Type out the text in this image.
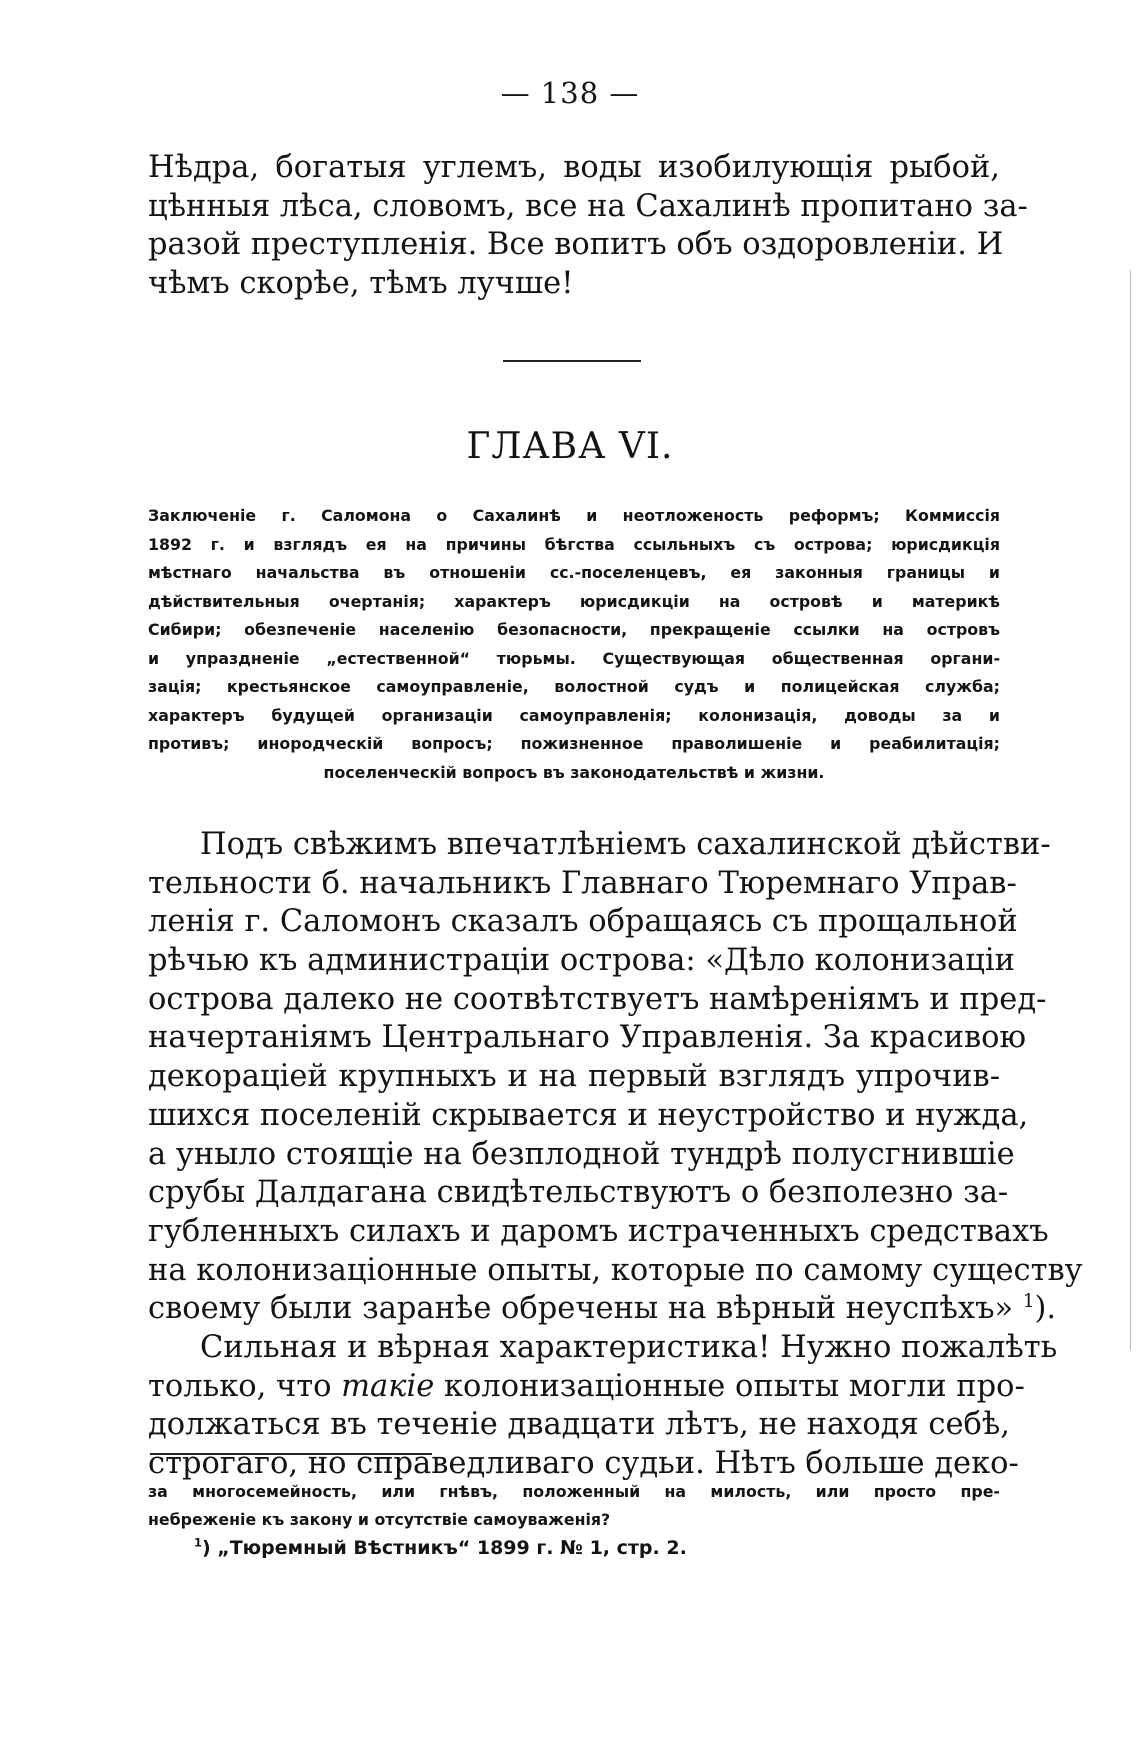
— 138 —
Нѣдра, богатыя углемъ, воды изобилующія рыбой,
цѣнныя лѣса, словомъ, все на Сахалинѣ пропитано за-
разой преступленія. Все вопитъ объ оздоровленіи. И
чѣмъ скорѣе, тѣмъ лучше!
ГЛАВА VI.
Заключеніе г. Саломона о Сахалинѣ и неотложеность реформъ; Коммиссія
1892 г. и взглядъ ея на причины бѣгства ссыльныхъ съ острова; юрисдикція
мѣстнаго начальства въ отношеніи сс.-поселенцевъ, ея законныя границы и
дѣйствительныя очертанія; характеръ юрисдикціи на островѣ и материкѣ
Сибири; обезпеченіе населенію безопасности, прекращеніе ссылки на островъ
и упраздненіе „естественной“ тюрьмы. Существующая общественная органи-
зація; крестьянское самоуправленіе, волостной судъ и полицейская служба;
характеръ будущей организаціи самоуправленія; колонизація, доводы за и
противъ; инородческій вопросъ; пожизненное праволишеніе и реабилитація;
поселенческій вопросъ въ законодательствѣ и жизни.
Подъ свѣжимъ впечатлѣніемъ сахалинской дѣйстви-
тельности б. начальникъ Главнаго Тюремнаго Управ-
ленія г. Саломонъ сказалъ обращаясь съ прощальной
рѣчью къ администраціи острова: «Дѣло колонизаціи
острова далеко не соотвѣтствуетъ намѣреніямъ и пред-
начертаніямъ Центральнаго Управленія. За красивою
декораціей крупныхъ и на первый взглядъ упрочив-
шихся поселеній скрывается и неустройство и нужда,
а уныло стоящіе на безплодной тундрѣ полусгнившіе
срубы Далдагана свидѣтельствуютъ о безполезно за-
губленныхъ силахъ и даромъ истраченныхъ средствахъ
на колонизаціонные опыты, которые по самому существу
своему были заранѣе обречены на вѣрный неуспѣхъ» $^1$).
Сильная и вѣрная характеристика! Нужно пожалѣть
только, что такіе колонизаціонные опыты могли про-
должаться въ теченіе двадцати лѣтъ, не находя себѣ,
строгаго, но справедливаго судьи. Нѣтъ больше деко-
за многосемейность, или гнѣвъ, положенный на милость, или просто пре-
небреженіе къ закону и отсутствіе самоуваженія?
$^1$) „Тюремный Вѣстникъ“ 1899 г. № 1, стр. 2.
